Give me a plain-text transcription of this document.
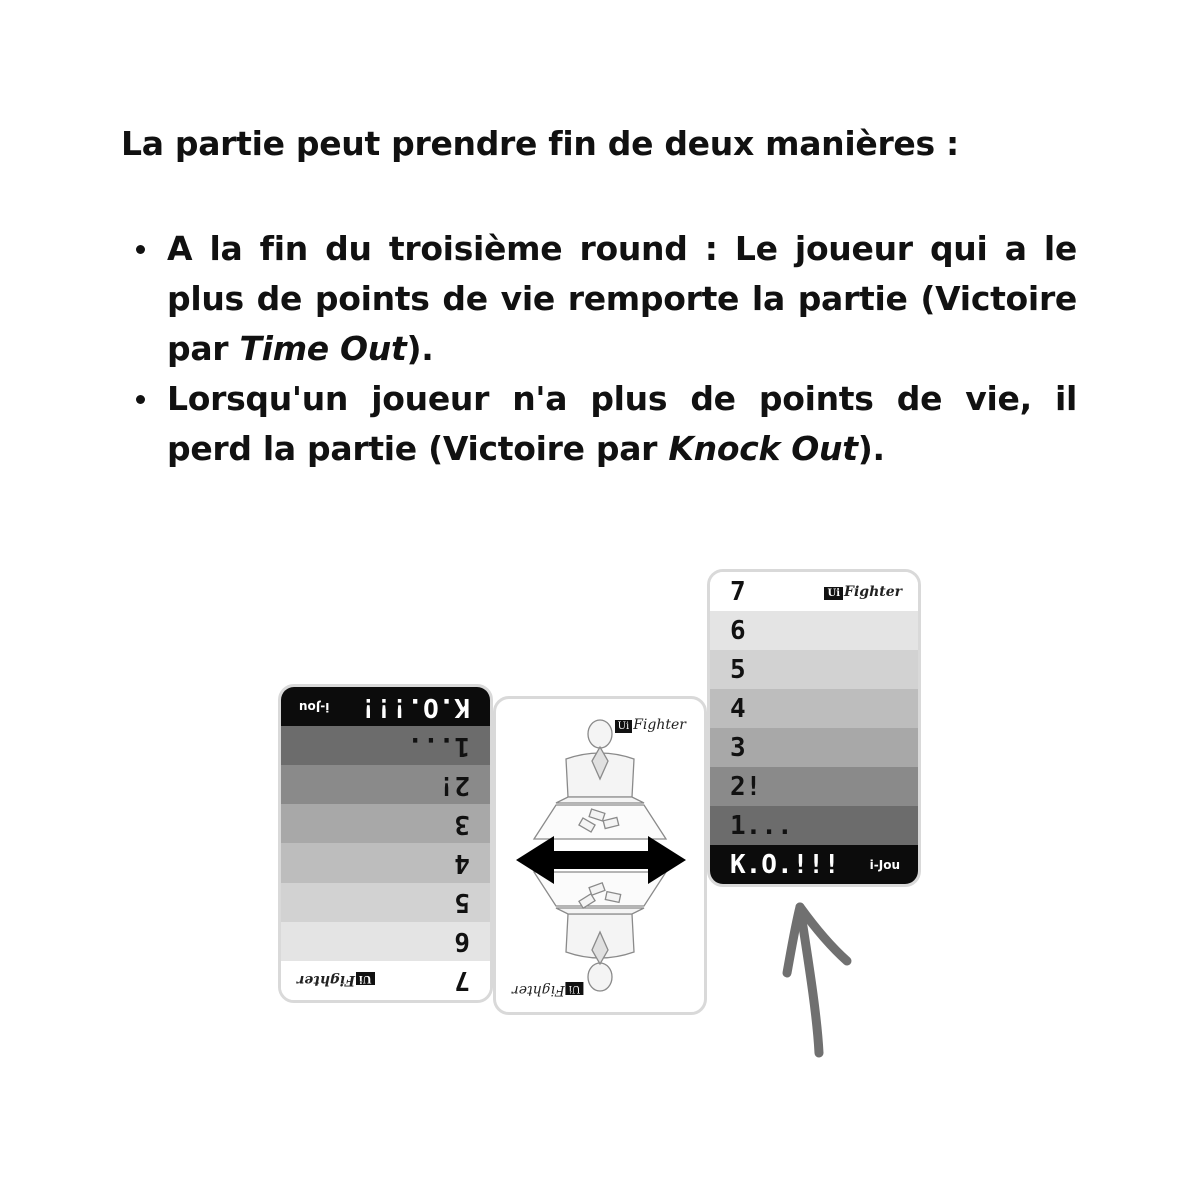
La partie peut prendre fin de deux manières :

A la fin du troisième round : Le joueur qui a le plus de points de vie remporte la partie (Victoire par Time Out).
Lorsqu'un joueur n'a plus de points de vie, il perd la partie (Victoire par Knock Out).
7
UiFighter
6
5
4
3
2!
1...
K.O.!!!
i-Jou
Ui Fighter
UiFighter
7	Ui Fighter
6
5
4
3
2!
1...
K.O.!!!	i-Jou
